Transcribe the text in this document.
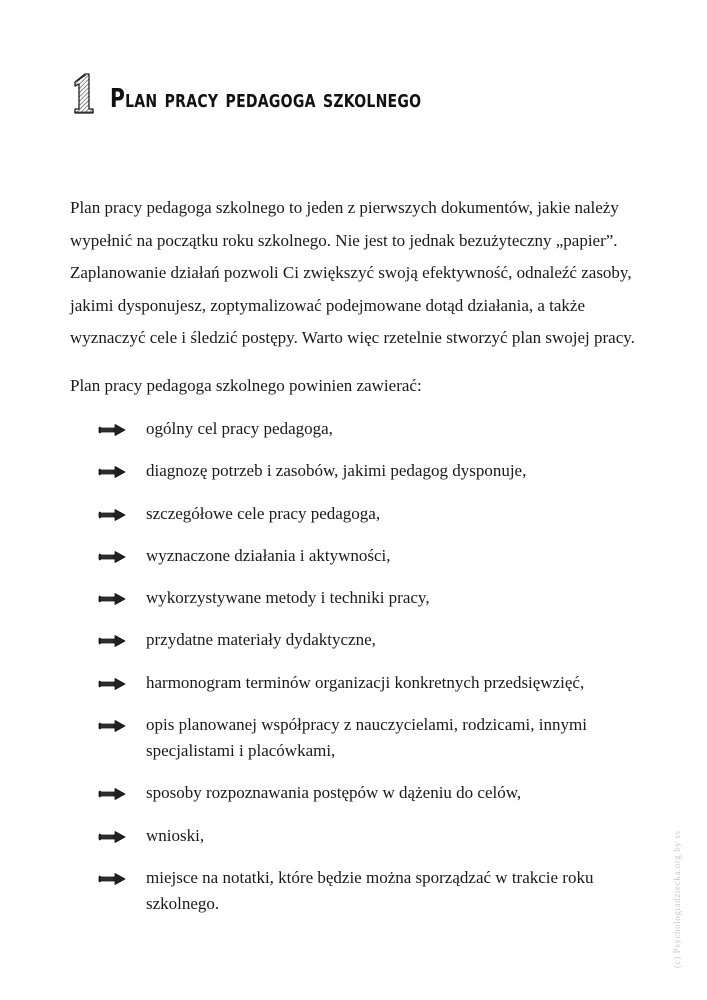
Plan pracy pedagoga szkolnego

Plan pracy pedagoga szkolnego to jeden z pierwszych dokumentów, jakie należy wypełnić na początku roku szkolnego. Nie jest to jednak bezużyteczny „papier”. Zaplanowanie działań pozwoli Ci zwiększyć swoją efektywność, odnaleźć zasoby, jakimi dysponujesz, zoptymalizować podejmowane dotąd działania, a także wyznaczyć cele i śledzić postępy. Warto więc rzetelnie stworzyć plan swojej pracy.

Plan pracy pedagoga szkolnego powinien zawierać:

ogólny cel pracy pedagoga,
diagnozę potrzeb i zasobów, jakimi pedagog dysponuje,
szczegółowe cele pracy pedagoga,
wyznaczone działania i aktywności,
wykorzystywane metody i techniki pracy,
przydatne materiały dydaktyczne,
harmonogram terminów organizacji konkretnych przedsięwzięć,
opis planowanej współpracy z nauczycielami, rodzicami, innymi specjalistami i placówkami,
sposoby rozpoznawania postępów w dążeniu do celów,
wnioski,
miejsce na notatki, które będzie można sporządzać w trakcie roku szkolnego.	(c) Psychologiadziecka.org by ss
